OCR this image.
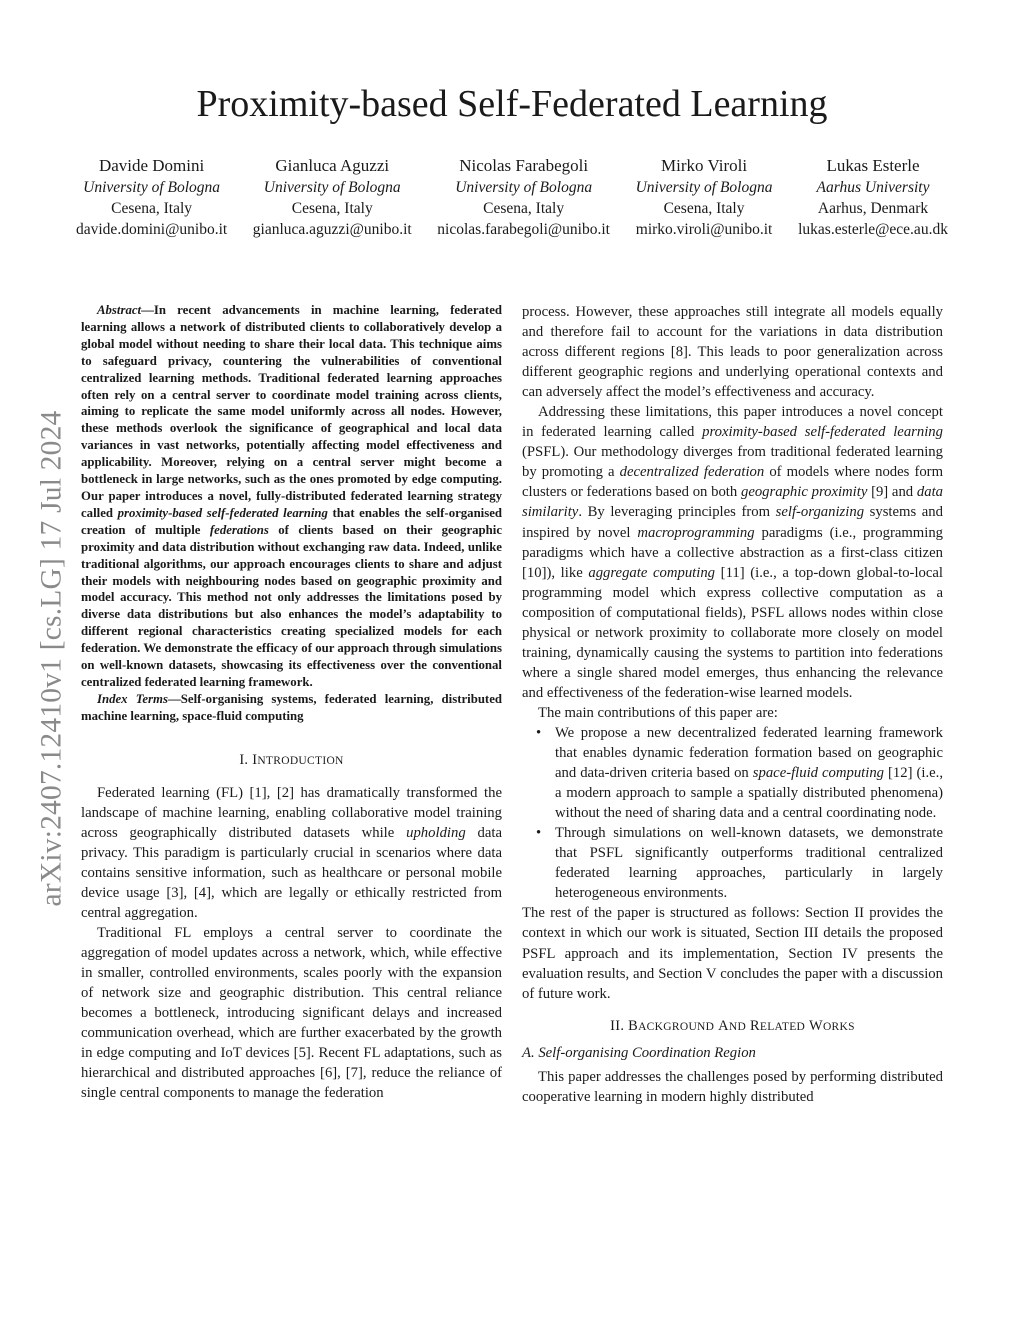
arXiv:2407.12410v1 [cs.LG] 17 Jul 2024
Proximity-based Self-Federated Learning
Davide Domini
University of Bologna
Cesena, Italy
davide.domini@unibo.it
Gianluca Aguzzi
University of Bologna
Cesena, Italy
gianluca.aguzzi@unibo.it
Nicolas Farabegoli
University of Bologna
Cesena, Italy
nicolas.farabegoli@unibo.it
Mirko Viroli
University of Bologna
Cesena, Italy
mirko.viroli@unibo.it
Lukas Esterle
Aarhus University
Aarhus, Denmark
lukas.esterle@ece.au.dk

Abstract—In recent advancements in machine learning, federated learning allows a network of distributed clients to collaboratively develop a global model without needing to share their local data. This technique aims to safeguard privacy, countering the vulnerabilities of conventional centralized learning methods. Traditional federated learning approaches often rely on a central server to coordinate model training across clients, aiming to replicate the same model uniformly across all nodes. However, these methods overlook the significance of geographical and local data variances in vast networks, potentially affecting model effectiveness and applicability. Moreover, relying on a central server might become a bottleneck in large networks, such as the ones promoted by edge computing. Our paper introduces a novel, fully-distributed federated learning strategy called proximity-based self-federated learning that enables the self-organised creation of multiple federations of clients based on their geographic proximity and data distribution without exchanging raw data. Indeed, unlike traditional algorithms, our approach encourages clients to share and adjust their models with neighbouring nodes based on geographic proximity and model accuracy. This method not only addresses the limitations posed by diverse data distributions but also enhances the model’s adaptability to different regional characteristics creating specialized models for each federation. We demonstrate the efficacy of our approach through simulations on well-known datasets, showcasing its effectiveness over the conventional centralized federated learning framework.

Index Terms—Self-organising systems, federated learning, distributed machine learning, space-fluid computing

I. INTRODUCTION

Federated learning (FL) [1], [2] has dramatically transformed the landscape of machine learning, enabling collaborative model training across geographically distributed datasets while upholding data privacy. This paradigm is particularly crucial in scenarios where data contains sensitive information, such as healthcare or personal mobile device usage [3], [4], which are legally or ethically restricted from central aggregation.

Traditional FL employs a central server to coordinate the aggregation of model updates across a network, which, while effective in smaller, controlled environments, scales poorly with the expansion of network size and geographic distribution. This central reliance becomes a bottleneck, introducing significant delays and increased communication overhead, which are further exacerbated by the growth in edge computing and IoT devices [5]. Recent FL adaptations, such as hierarchical and distributed approaches [6], [7], reduce the reliance of single central components to manage the federation

process. However, these approaches still integrate all models equally and therefore fail to account for the variations in data distribution across different regions [8]. This leads to poor generalization across different geographic regions and underlying operational contexts and can adversely affect the model’s effectiveness and accuracy.

Addressing these limitations, this paper introduces a novel concept in federated learning called proximity-based self-federated learning (PSFL). Our methodology diverges from traditional federated learning by promoting a decentralized federation of models where nodes form clusters or federations based on both geographic proximity [9] and data similarity. By leveraging principles from self-organizing systems and inspired by novel macroprogramming paradigms (i.e., programming paradigms which have a collective abstraction as a first-class citizen [10]), like aggregate computing [11] (i.e., a top-down global-to-local programming model which express collective computation as a composition of computational fields), PSFL allows nodes within close physical or network proximity to collaborate more closely on model training, dynamically causing the systems to partition into federations where a single shared model emerges, thus enhancing the relevance and effectiveness of the federation-wise learned models.

The main contributions of this paper are:

• We propose a new decentralized federated learning framework that enables dynamic federation formation based on geographic and data-driven criteria based on space-fluid computing [12] (i.e., a modern approach to sample a spatially distributed phenomena) without the need of sharing data and a central coordinating node.
• Through simulations on well-known datasets, we demonstrate that PSFL significantly outperforms traditional centralized federated learning approaches, particularly in largely heterogeneous environments.

The rest of the paper is structured as follows: Section II provides the context in which our work is situated, Section III details the proposed PSFL approach and its implementation, Section IV presents the evaluation results, and Section V concludes the paper with a discussion of future work.

II. BACKGROUND AND RELATED WORKS
A. Self-organising Coordination Region

This paper addresses the challenges posed by performing distributed cooperative learning in modern highly distributed
